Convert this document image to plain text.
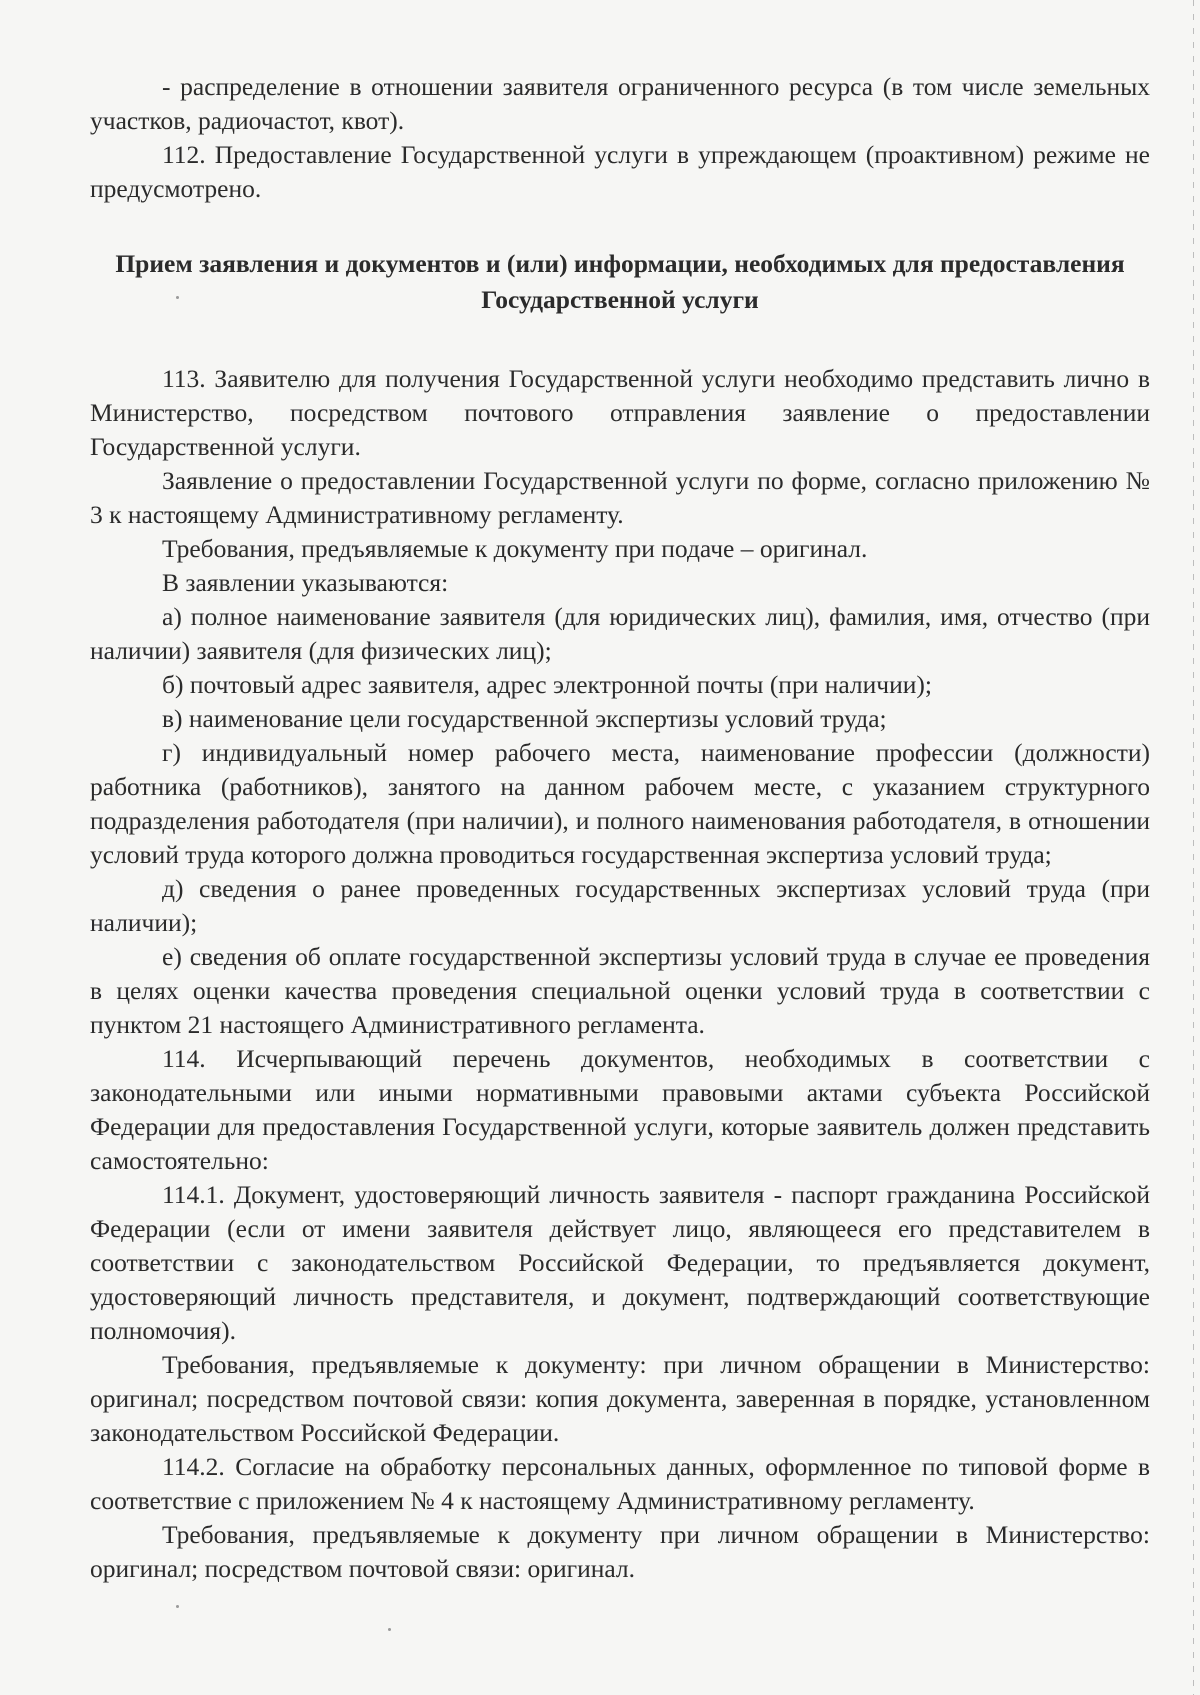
- распределение в отношении заявителя ограниченного ресурса (в том числе земельных участков, радиочастот, квот).

112. Предоставление Государственной услуги в упреждающем (проактивном) режиме не предусмотрено.

Прием заявления и документов и (или) информации, необходимых для предоставления Государственной услуги

113. Заявителю для получения Государственной услуги необходимо представить лично в Министерство, посредством почтового отправления заявление о предоставлении Государственной услуги.

Заявление о предоставлении Государственной услуги по форме, согласно приложению № 3 к настоящему Административному регламенту.

Требования, предъявляемые к документу при подаче – оригинал.

В заявлении указываются:

а) полное наименование заявителя (для юридических лиц), фамилия, имя, отчество (при наличии) заявителя (для физических лиц);

б) почтовый адрес заявителя, адрес электронной почты (при наличии);

в) наименование цели государственной экспертизы условий труда;

г) индивидуальный номер рабочего места, наименование профессии (должности) работника (работников), занятого на данном рабочем месте, с указанием структурного подразделения работодателя (при наличии), и полного наименования работодателя, в отношении условий труда которого должна проводиться государственная экспертиза условий труда;

д) сведения о ранее проведенных государственных экспертизах условий труда (при наличии);

е) сведения об оплате государственной экспертизы условий труда в случае ее проведения в целях оценки качества проведения специальной оценки условий труда в соответствии с пунктом 21 настоящего Административного регламента.

114. Исчерпывающий перечень документов, необходимых в соответствии с законодательными или иными нормативными правовыми актами субъекта Российской Федерации для предоставления Государственной услуги, которые заявитель должен представить самостоятельно:

114.1. Документ, удостоверяющий личность заявителя - паспорт гражданина Российской Федерации (если от имени заявителя действует лицо, являющееся его представителем в соответствии с законодательством Российской Федерации, то предъявляется документ, удостоверяющий личность представителя, и документ, подтверждающий соответствующие полномочия).

Требования, предъявляемые к документу: при личном обращении в Министерство: оригинал; посредством почтовой связи: копия документа, заверенная в порядке, установленном законодательством Российской Федерации.

114.2. Согласие на обработку персональных данных, оформленное по типовой форме в соответствие с приложением № 4 к настоящему Административному регламенту.

Требования, предъявляемые к документу при личном обращении в Министерство: оригинал; посредством почтовой связи: оригинал.
